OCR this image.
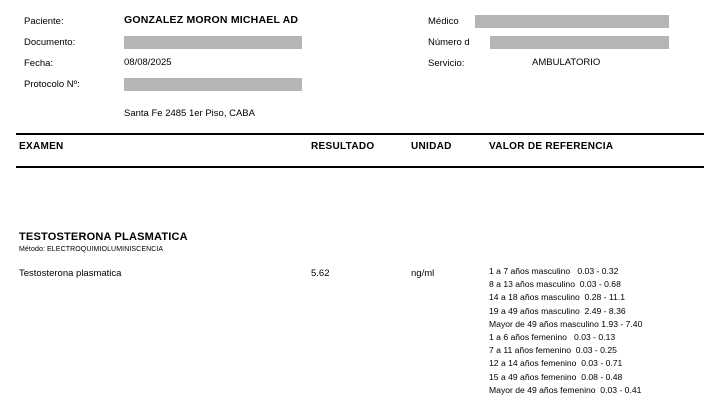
Paciente:	GONZALEZ MORON MICHAEL AD
Documento:
Fecha:	08/08/2025
Protocolo Nº:
Santa Fe 2485 1er Piso, CABA
Médico
Número d
Servicio:	AMBULATORIO
EXAMEN	RESULTADO	UNIDAD	VALOR DE REFERENCIA
TESTOSTERONA PLASMATICA
Método: ELECTROQUIMIOLUMINISCENCIA
Testosterona plasmatica	5.62	ng/ml	1 a 7 años masculino   0.03 - 0.32
8 a 13 años masculino  0.03 - 0.68
14 a 18 años masculino  0.28 - 11.1
19 a 49 años masculino  2.49 - 8.36
Mayor de 49 años masculino 1.93 - 7.40
1 a 6 años femenino   0.03 - 0.13
7 a 11 años femenino  0.03 - 0.25
12 a 14 años femenino  0.03 - 0.71
15 a 49 años femenino  0.08 - 0.48
Mayor de 49 años femenino  0.03 - 0.41
